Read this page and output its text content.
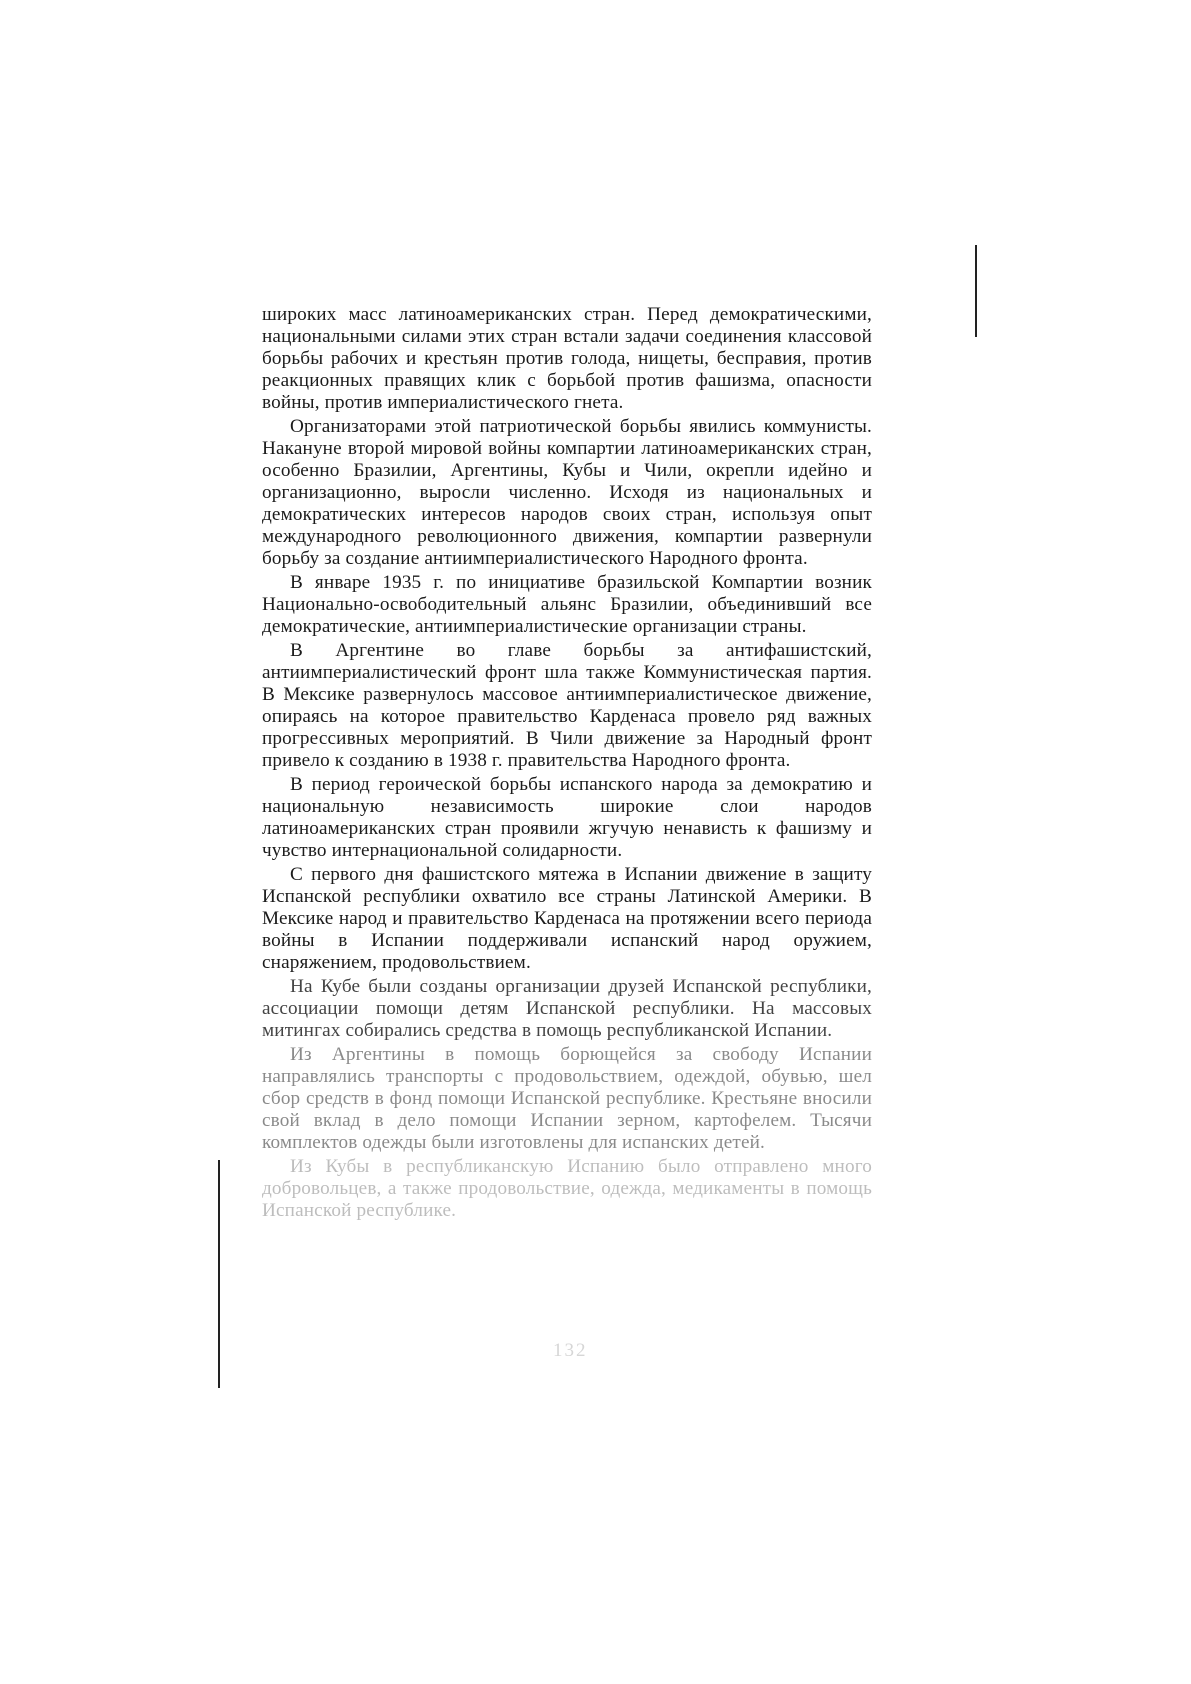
широких масс латиноамериканских стран. Перед демократическими, национальными силами этих стран встали задачи соединения классовой борьбы рабочих и крестьян против голода, нищеты, бесправия, против реакционных правящих клик с борьбой против фашизма, опасности войны, против империалистического гнета.

Организаторами этой патриотической борьбы явились коммунисты. Накануне второй мировой войны компартии латиноамериканских стран, особенно Бразилии, Аргентины, Кубы и Чили, окрепли идейно и организационно, выросли численно. Исходя из национальных и демократических интересов народов своих стран, используя опыт международного революционного движения, компартии развернули борьбу за создание антиимпериалистического Народного фронта.

В январе 1935 г. по инициативе бразильской Компартии возник Национально-освободительный альянс Бразилии, объединивший все демократические, антиимпериалистические организации страны.

В Аргентине во главе борьбы за антифашистский, антиимпериалистический фронт шла также Коммунистическая партия. В Мексике развернулось массовое антиимпериалистическое движение, опираясь на которое правительство Карденаса провело ряд важных прогрессивных мероприятий. В Чили движение за Народный фронт привело к созданию в 1938 г. правительства Народного фронта.

В период героической борьбы испанского народа за демократию и национальную независимость широкие слои народов латиноамериканских стран проявили жгучую ненависть к фашизму и чувство интернациональной солидарности.

С первого дня фашистского мятежа в Испании движение в защиту Испанской республики охватило все страны Латинской Америки. В Мексике народ и правительство Карденаса на протяжении всего периода войны в Испании поддерживали испанский народ оружием, снаряжением, продовольствием.

На Кубе были созданы организации друзей Испанской республики, ассоциации помощи детям Испанской республики. На массовых митингах собирались средства в помощь республиканской Испании.

Из Аргентины в помощь борющейся за свободу Испании направлялись транспорты с продовольствием, одеждой, обувью, шел сбор средств в фонд помощи Испанской республике. Крестьяне вносили свой вклад в дело помощи Испании зерном, картофелем. Тысячи комплектов одежды были изготовлены для испанских детей.

Из Кубы в республиканскую Испанию было отправлено много добровольцев, а также продовольствие, одежда, медикаменты в помощь Испанской республике.

132
